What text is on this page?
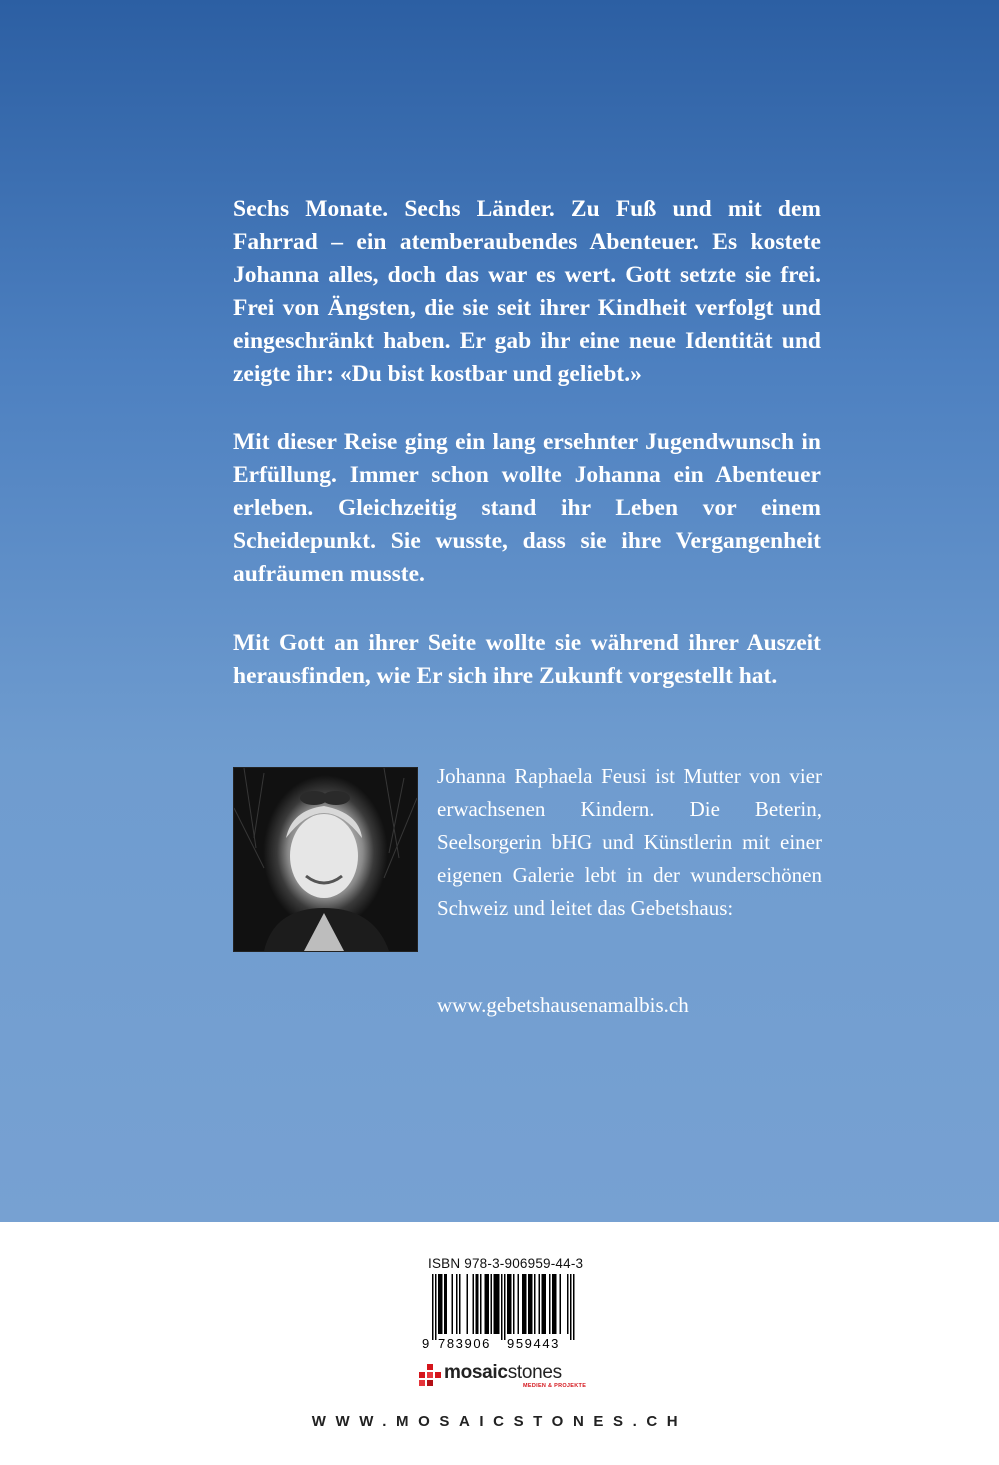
Sechs Monate. Sechs Länder. Zu Fuß und mit dem Fahrrad – ein atemberaubendes Abenteuer. Es kostete Johanna alles, doch das war es wert. Gott setzte sie frei. Frei von Ängsten, die sie seit ihrer Kindheit verfolgt und eingeschränkt haben. Er gab ihr eine neue Identität und zeigte ihr: «Du bist kostbar und geliebt.»

Mit dieser Reise ging ein lang ersehnter Jugendwunsch in Erfüllung. Immer schon wollte Johanna ein Abenteuer erleben. Gleichzeitig stand ihr Leben vor einem Scheidepunkt. Sie wusste, dass sie ihre Vergangenheit aufräumen musste.

Mit Gott an ihrer Seite wollte sie während ihrer Auszeit herausfinden, wie Er sich ihre Zukunft vorgestellt hat.

Johanna Raphaela Feusi ist Mutter von vier erwachsenen Kindern. Die Beterin, Seelsorgerin bHG und Künstlerin mit einer eigenen Galerie lebt in der wunderschönen Schweiz und leitet das Gebetshaus:

www.gebetshausenamalbis.ch

ISBN 978-3-906959-44-3
9 783906 959443
mosaicstones
MEDIEN & PROJEKTE
WWW.MOSAICSTONES.CH
